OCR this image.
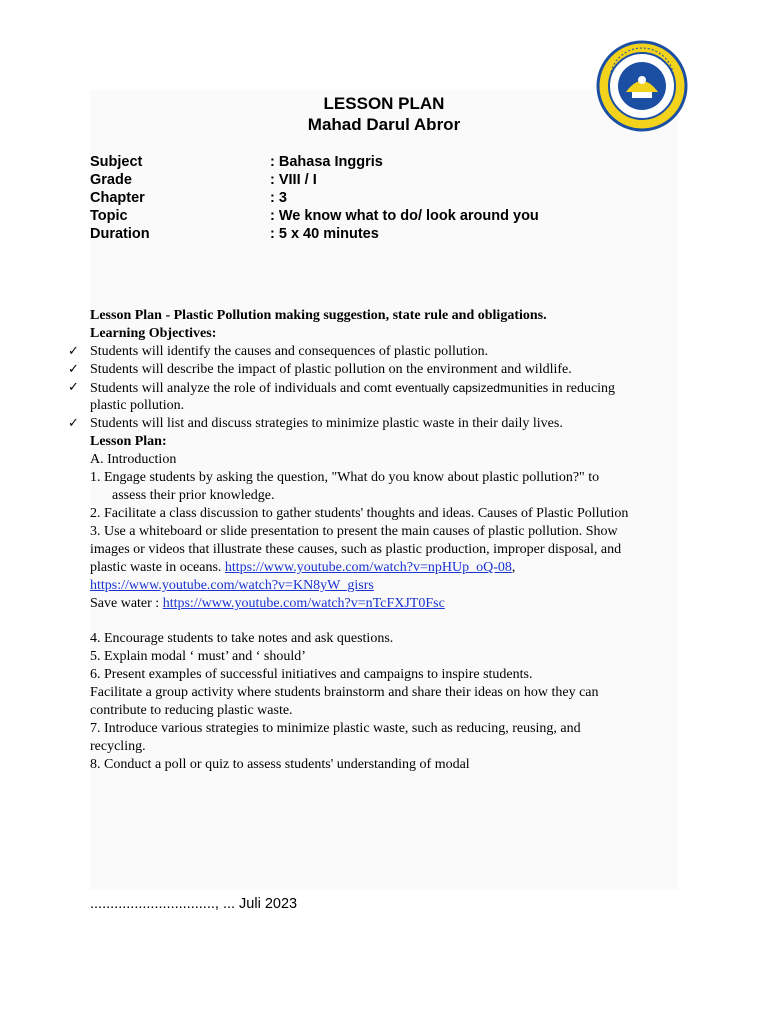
LESSON PLAN
Mahad Darul Abror
Subject	: Bahasa Inggris
Grade	: VIII / I
Chapter	: 3
Topic	: We know what to do/ look around you
Duration	: 5 x 40 minutes
Lesson Plan - Plastic Pollution making suggestion, state rule and obligations.
Learning Objectives:
✓ Students will identify the causes and consequences of plastic pollution.
✓ Students will describe the impact of plastic pollution on the environment and wildlife.
✓ Students will analyze the role of individuals and comt eventually capsizedmunities in reducing
plastic pollution.
✓ Students will list and discuss strategies to minimize plastic waste in their daily lives.
Lesson Plan:
A. Introduction
1. Engage students by asking the question, "What do you know about plastic pollution?" to
assess their prior knowledge.
2. Facilitate a class discussion to gather students' thoughts and ideas. Causes of Plastic Pollution
3. Use a whiteboard or slide presentation to present the main causes of plastic pollution. Show
images or videos that illustrate these causes, such as plastic production, improper disposal, and
plastic waste in oceans. https://www.youtube.com/watch?v=npHUp_oQ-08,
https://www.youtube.com/watch?v=KN8yW_gisrs
Save water : https://www.youtube.com/watch?v=nTcFXJT0Fsc
4. Encourage students to take notes and ask questions.
5. Explain modal ‘ must’ and ‘ should’
6. Present examples of successful initiatives and campaigns to inspire students.
Facilitate a group activity where students brainstorm and share their ideas on how they can
contribute to reducing plastic waste.
7. Introduce various strategies to minimize plastic waste, such as reducing, reusing, and
recycling.
8. Conduct a poll or quiz to assess students' understanding of modal
..............................., ... Juli 2023
